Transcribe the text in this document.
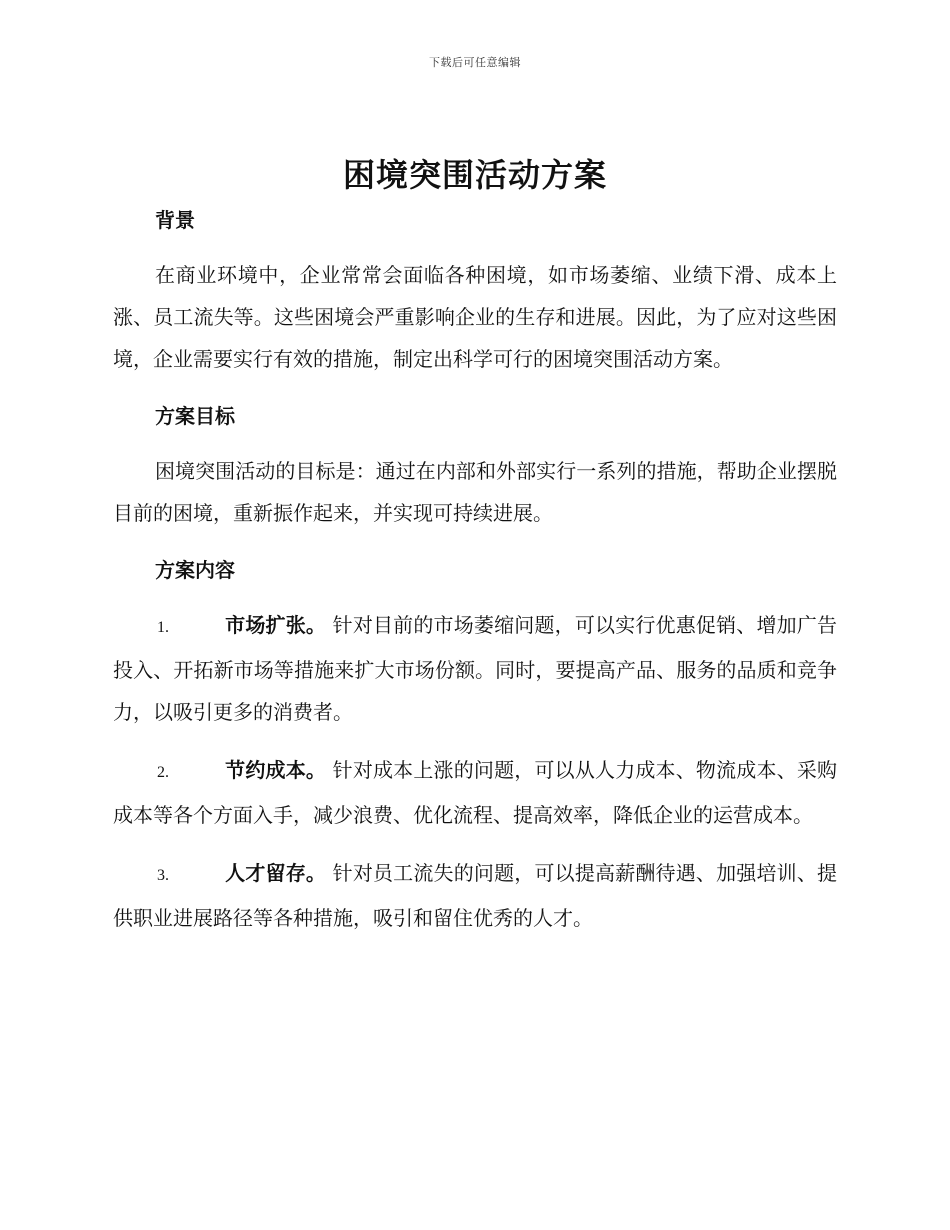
下载后可任意编辑
困境突围活动方案
背景

在商业环境中，企业常常会面临各种困境，如市场萎缩、业绩下滑、成本上涨、员工流失等。这些困境会严重影响企业的生存和进展。因此，为了应对这些困境，企业需要实行有效的措施，制定出科学可行的困境突围活动方案。

方案目标

困境突围活动的目标是：通过在内部和外部实行一系列的措施，帮助企业摆脱目前的困境，重新振作起来，并实现可持续进展。

方案内容

1.	市场扩张。 针对目前的市场萎缩问题，可以实行优惠促销、增加广告投入、开拓新市场等措施来扩大市场份额。同时，要提高产品、服务的品质和竞争力，以吸引更多的消费者。

2.	节约成本。 针对成本上涨的问题，可以从人力成本、物流成本、采购成本等各个方面入手，减少浪费、优化流程、提高效率，降低企业的运营成本。

3.	人才留存。 针对员工流失的问题，可以提高薪酬待遇、加强培训、提供职业进展路径等各种措施，吸引和留住优秀的人才。
